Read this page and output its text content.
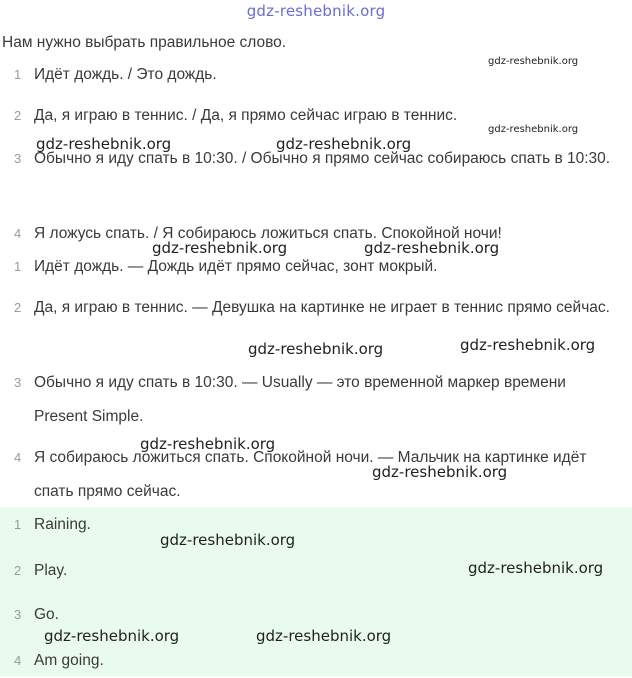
gdz-reshebnik.org
Нам нужно выбрать правильное слово.
1 Идёт дождь. / Это дождь.
2 Да, я играю в теннис. / Да, я прямо сейчас играю в теннис.
3 Обычно я иду спать в 10:30. / Обычно я прямо сейчас собираюсь спать в 10:30.
4 Я ложусь спать. / Я собираюсь ложиться спать. Спокойной ночи!
1 Идёт дождь. — Дождь идёт прямо сейчас, зонт мокрый.
2 Да, я играю в теннис. — Девушка на картинке не играет в теннис прямо сейчас.
3 Обычно я иду спать в 10:30. — Usually — это временной маркер времени Present Simple.
4 Я собираюсь ложиться спать. Спокойной ночи. — Мальчик на картинке идёт спать прямо сейчас.
1 Raining.
2 Play.
3 Go.
4 Am going.
gdz-reshebnik.org
gdz-reshebnik.org
gdz-reshebnik.org	gdz-reshebnik.org
gdz-reshebnik.org	gdz-reshebnik.org
gdz-reshebnik.org	gdz-reshebnik.org
gdz-reshebnik.org
gdz-reshebnik.org
gdz-reshebnik.org
gdz-reshebnik.org
gdz-reshebnik.org	gdz-reshebnik.org
